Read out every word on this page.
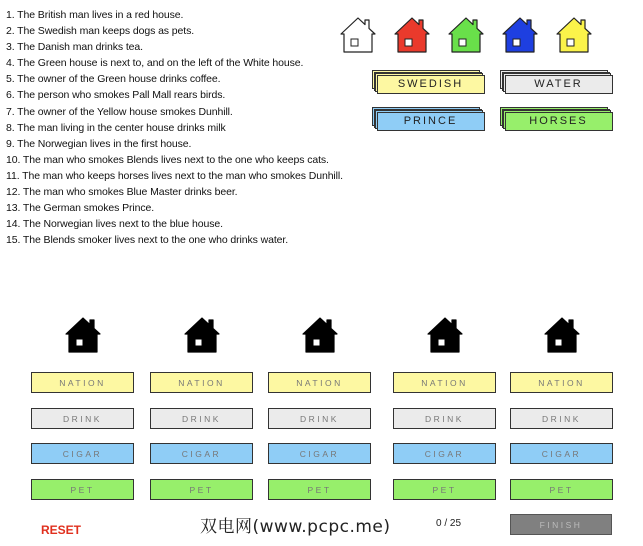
1. The British man lives in a red house.
2. The Swedish man keeps dogs as pets.
3. The Danish man drinks tea.
4. The Green house is next to, and on the left of the White house.
5. The owner of the Green house drinks coffee.
6. The person who smokes Pall Mall rears birds.
7. The owner of the Yellow house smokes Dunhill.
8. The man living in the center house drinks milk
9. The Norwegian lives in the first house.
10. The man who smokes Blends lives next to the one who keeps cats.
11. The man who keeps horses lives next to the man who smokes Dunhill.
12. The man who smokes Blue Master drinks beer.
13. The German smokes Prince.
14. The Norwegian lives next to the blue house.
15. The Blends smoker lives next to the one who drinks water.
SWEDISH	WATER
PRINCE	HORSES
NATION
DRINK
CIGAR
PET
NATION
DRINK
CIGAR
PET
NATION
DRINK
CIGAR
PET
NATION
DRINK
CIGAR
PET
NATION
DRINK
CIGAR
PET
RESET	双电网(www.pcpc.me)	0 / 25	FINISH
